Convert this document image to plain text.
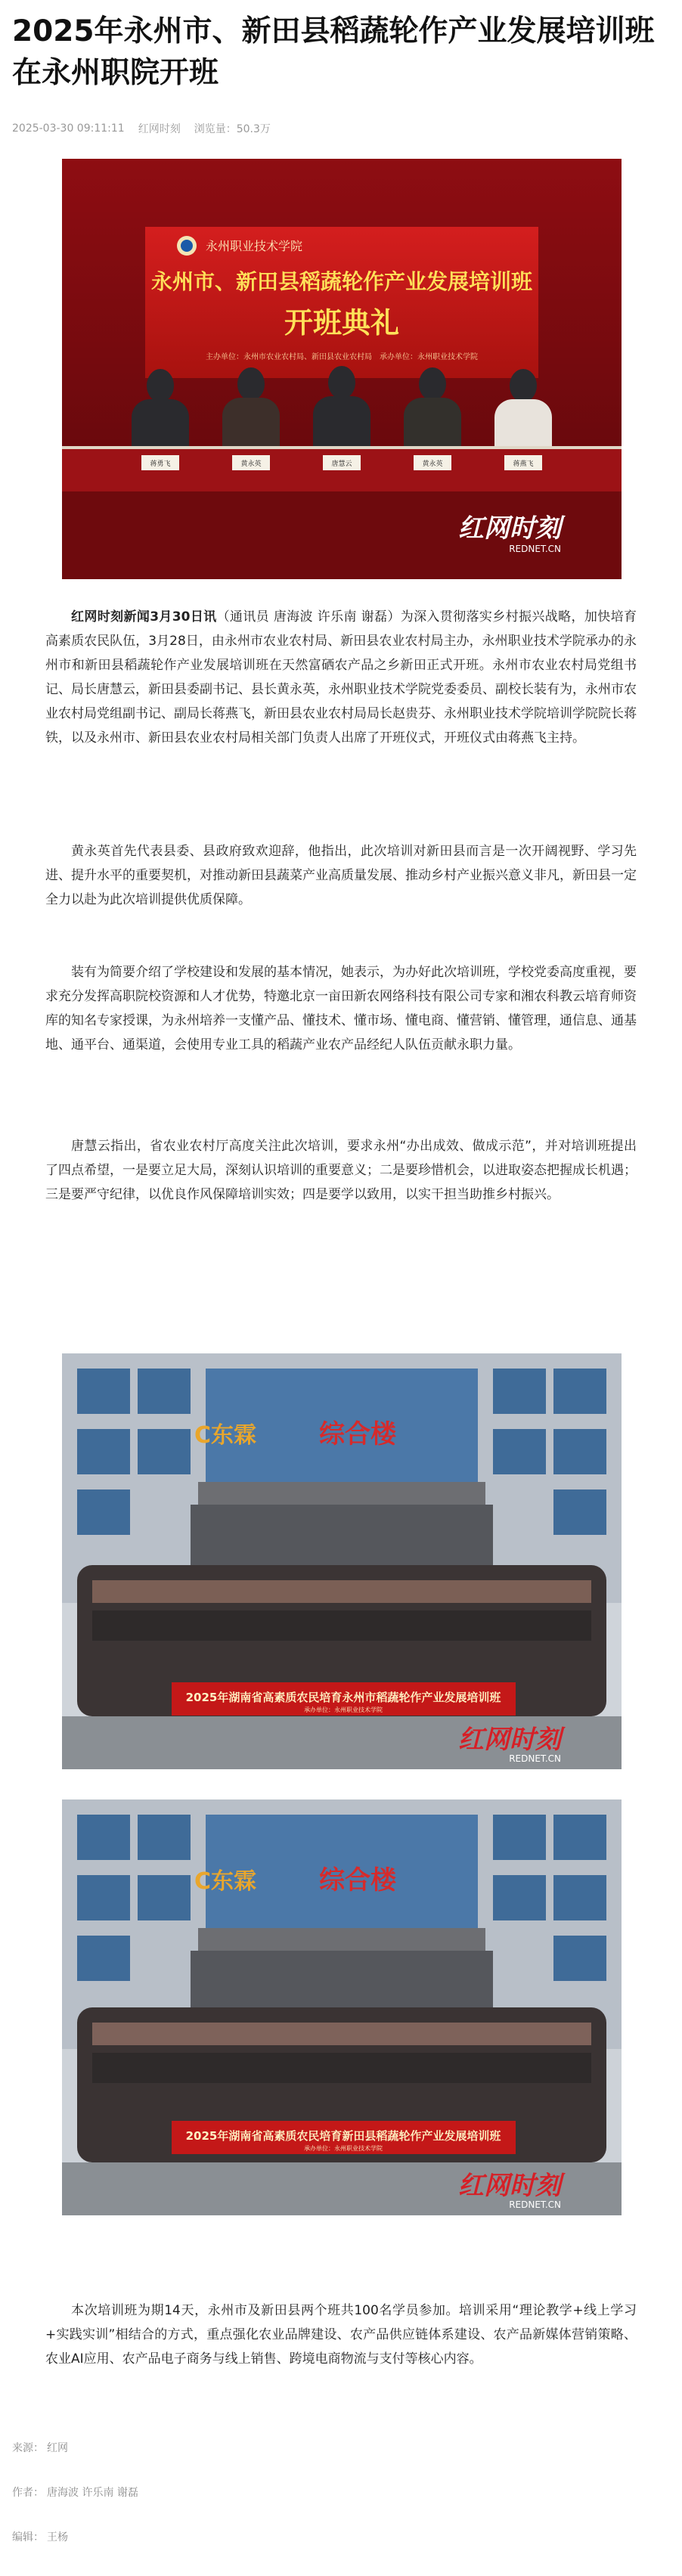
2025年永州市、新田县稻蔬轮作产业发展培训班在永州职院开班
2025-03-30 09:11:11 红网时刻 浏览量：50.3万
永州职业技术学院
永州市、新田县稻蔬轮作产业发展培训班
开班典礼
主办单位：永州市农业农村局、新田县农业农村局　承办单位：永州职业技术学院
蒋勇飞	黄永英	唐慧云	黄永英	蒋燕飞
红网时刻
REDNET.CN

红网时刻新闻3月30日讯（通讯员 唐海波 许乐南 谢磊）为深入贯彻落实乡村振兴战略，加快培育高素质农民队伍，3月28日，由永州市农业农村局、新田县农业农村局主办，永州职业技术学院承办的永州市和新田县稻蔬轮作产业发展培训班在天然富硒农产品之乡新田正式开班。永州市农业农村局党组书记、局长唐慧云，新田县委副书记、县长黄永英，永州职业技术学院党委委员、副校长装有为，永州市农业农村局党组副书记、副局长蒋燕飞，新田县农业农村局局长赵贵芬、永州职业技术学院培训学院院长蒋铁，以及永州市、新田县农业农村局相关部门负责人出席了开班仪式，开班仪式由蒋燕飞主持。

黄永英首先代表县委、县政府致欢迎辞，他指出，此次培训对新田县而言是一次开阔视野、学习先进、提升水平的重要契机，对推动新田县蔬菜产业高质量发展、推动乡村产业振兴意义非凡，新田县一定全力以赴为此次培训提供优质保障。

装有为简要介绍了学校建设和发展的基本情况，她表示，为办好此次培训班，学校党委高度重视，要求充分发挥高职院校资源和人才优势，特邀北京一亩田新农网络科技有限公司专家和湘农科教云培育师资库的知名专家授课，为永州培养一支懂产品、懂技术、懂市场、懂电商、懂营销、懂管理，通信息、通基地、通平台、通渠道，会使用专业工具的稻蔬产业农产品经纪人队伍贡献永职力量。

唐慧云指出，省农业农村厅高度关注此次培训，要求永州“办出成效、做成示范”，并对培训班提出了四点希望，一是要立足大局，深刻认识培训的重要意义；二是要珍惜机会，以进取姿态把握成长机遇；三是要严守纪律，以优良作风保障培训实效；四是要学以致用，以实干担当助推乡村振兴。

C东霖 综合楼
2025年湖南省高素质农民培育永州市稻蔬轮作产业发展培训班
承办单位：永州职业技术学院
红网时刻
REDNET.CN
C东霖 综合楼
2025年湖南省高素质农民培育新田县稻蔬轮作产业发展培训班
承办单位：永州职业技术学院
红网时刻
REDNET.CN

本次培训班为期14天，永州市及新田县两个班共100名学员参加。培训采用“理论教学+线上学习+实践实训”相结合的方式，重点强化农业品牌建设、农产品供应链体系建设、农产品新媒体营销策略、农业AI应用、农产品电子商务与线上销售、跨境电商物流与支付等核心内容。

来源： 红网
作者： 唐海波 许乐南 谢磊
编辑： 王杨
